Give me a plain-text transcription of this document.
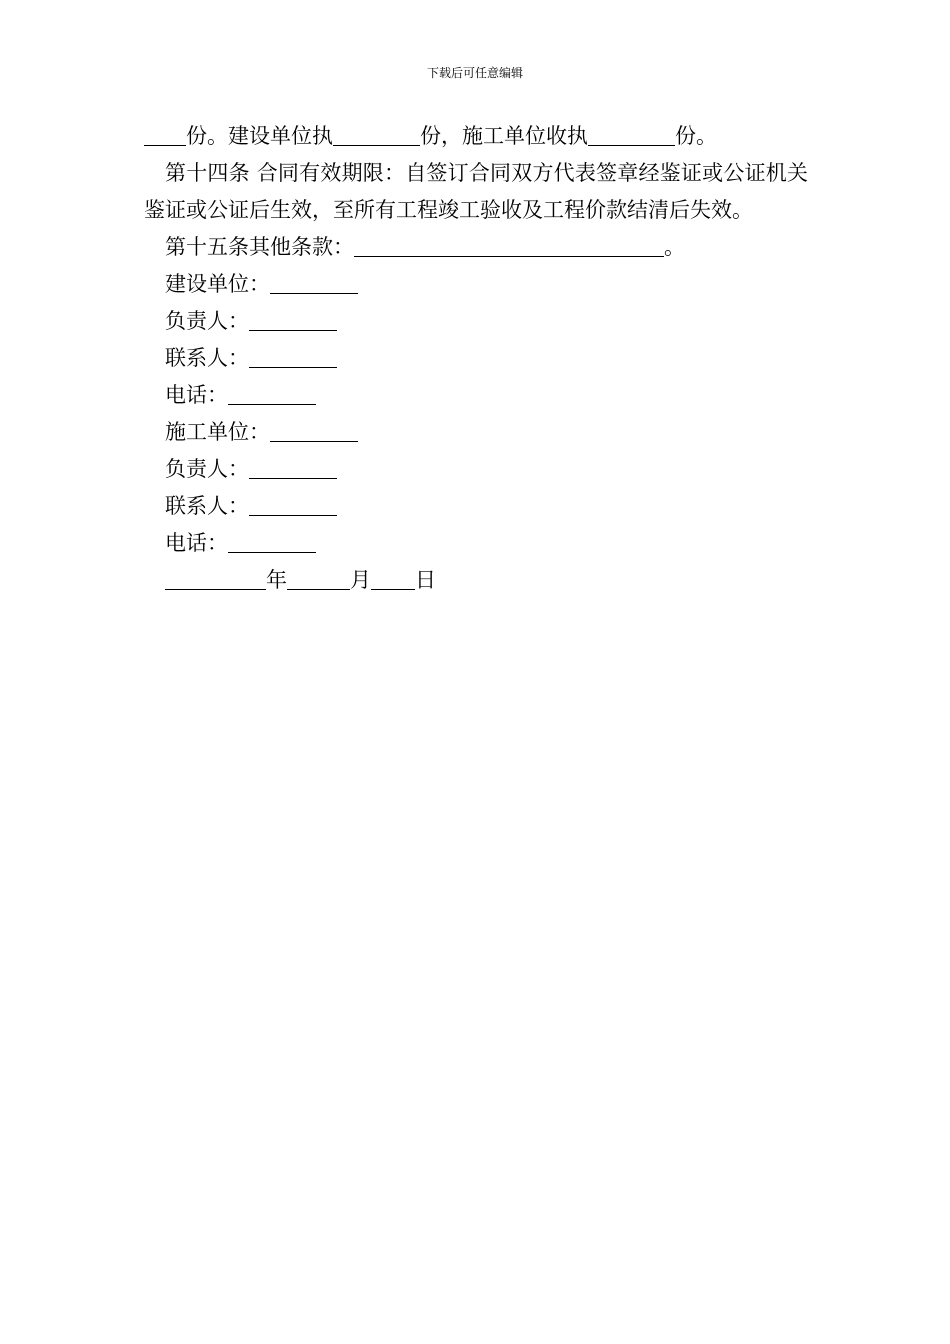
下载后可任意编辑

份。建设单位执	份，施工单位收执	份。

第十四条 合同有效期限：自签订合同双方代表签章经鉴证或公证机关鉴证或公证后生效，至所有工程竣工验收及工程价款结清后失效。

第十五条其他条款：	。

建设单位：

负责人：

联系人：

电话：

施工单位：

负责人：

联系人：

电话：

年	月 日
